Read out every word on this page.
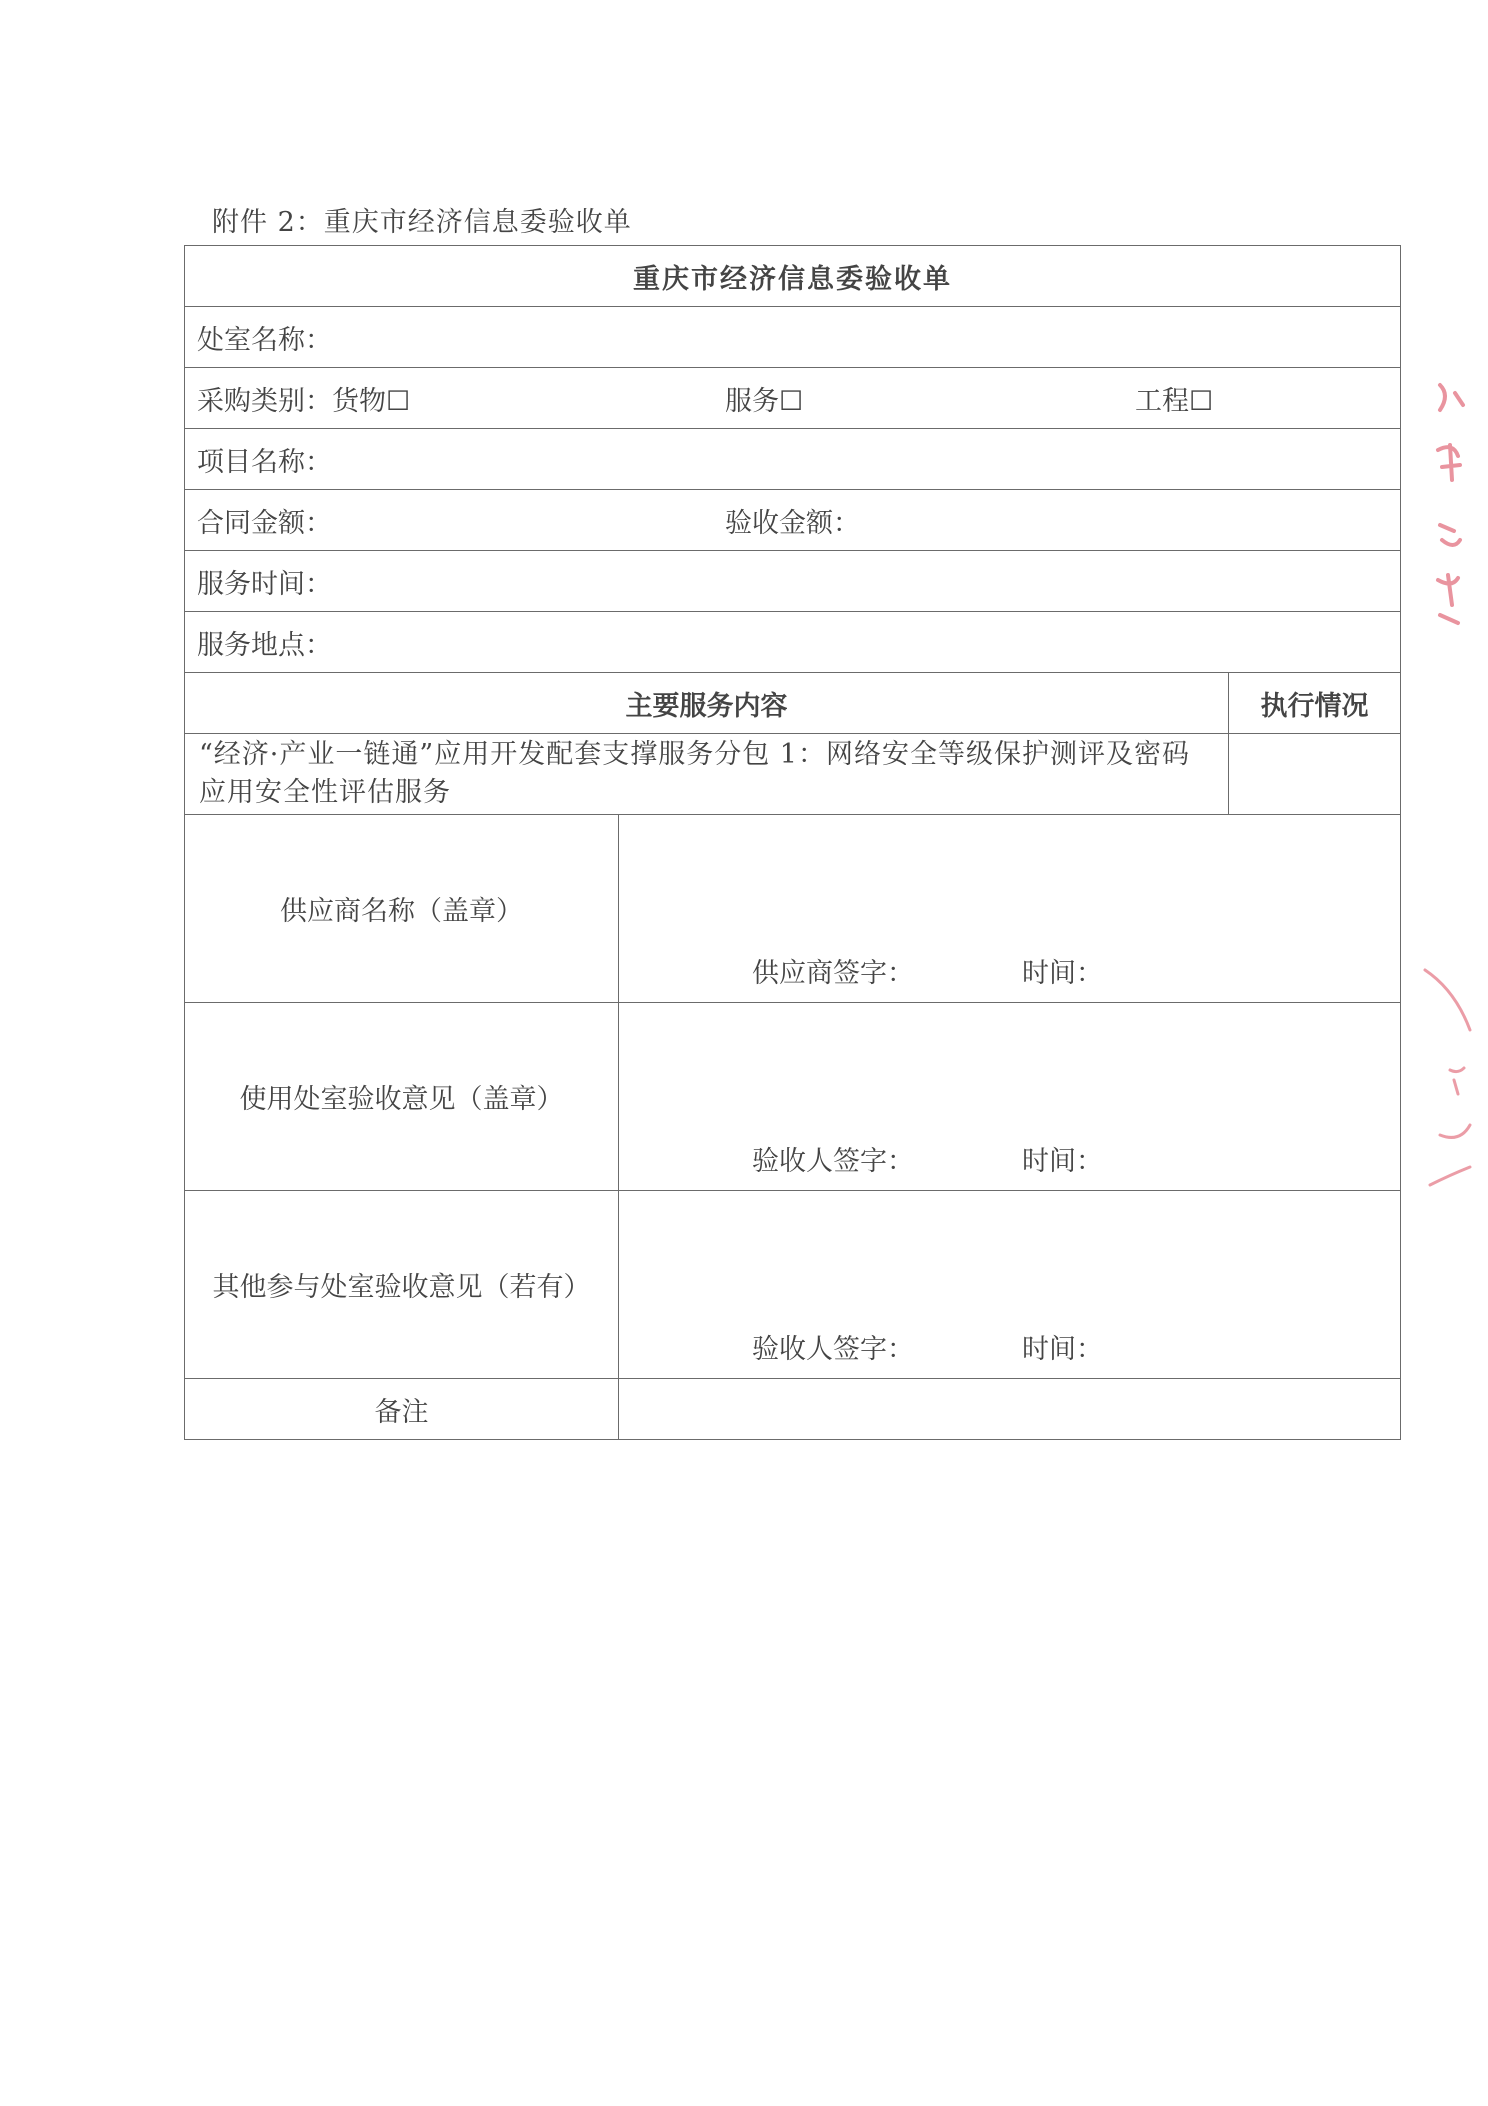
附件 2：重庆市经济信息委验收单
重庆市经济信息委验收单		
处室名称：		

采购类别：货物☐ 服务☐ 工程☐		

项目名称：		

合同金额： 验收金额：		

服务时间：		
服务地点：		
主要服务内容		执行情况
“经济·产业一链通”应用开发配套支撑服务分包 1：网络安全等级保护测评及密码应用安全性评估服务		
供应商名称（盖章）	供应商签字： 时间：	

使用处室验收意见（盖章）	验收人签字： 时间：	

其他参与处室验收意见（若有）	验收人签字： 时间：	

备注		
